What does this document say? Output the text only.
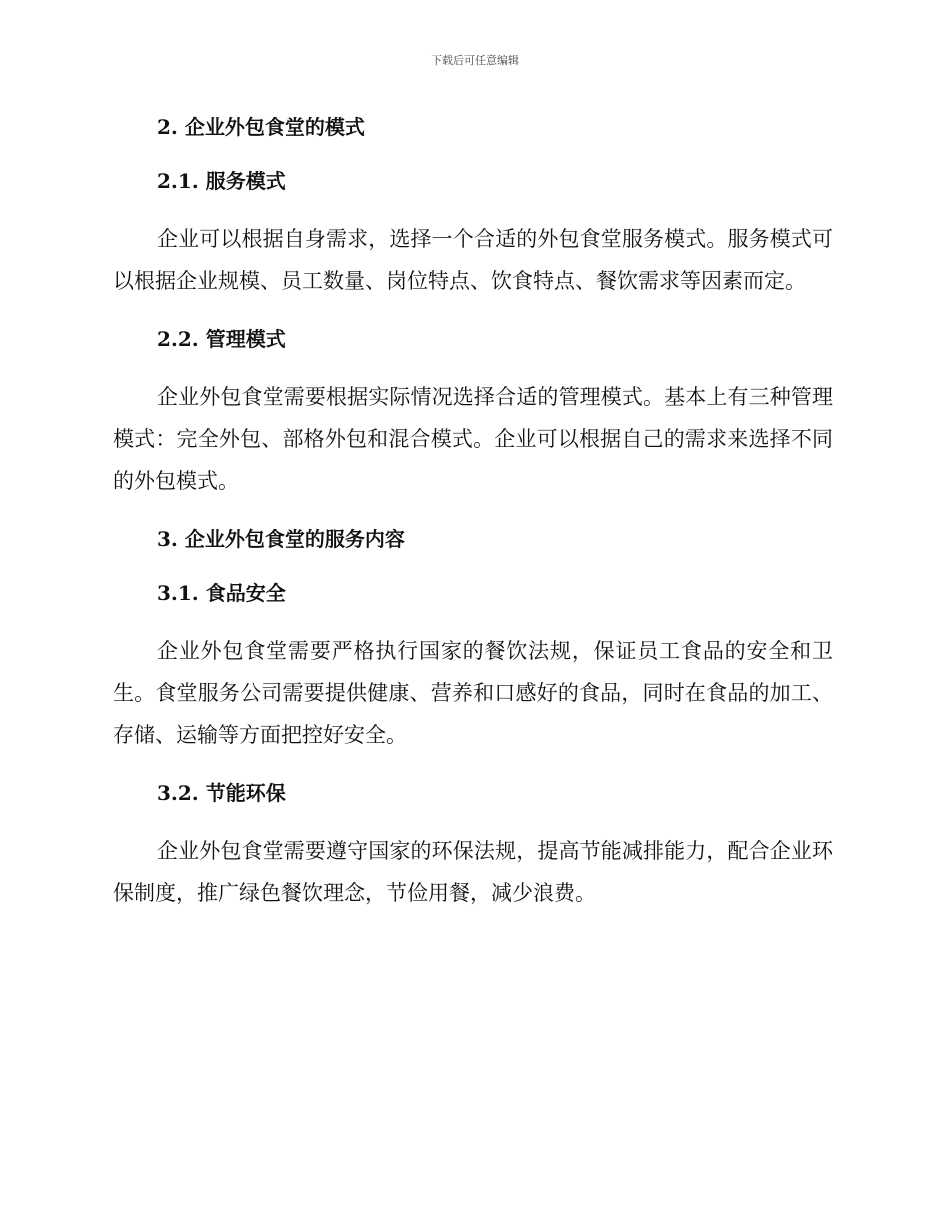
下载后可任意编辑
2. 企业外包食堂的模式
2.1. 服务模式

企业可以根据自身需求，选择一个合适的外包食堂服务模式。服务模式可以根据企业规模、员工数量、岗位特点、饮食特点、餐饮需求等因素而定。

2.2. 管理模式

企业外包食堂需要根据实际情况选择合适的管理模式。基本上有三种管理模式：完全外包、部格外包和混合模式。企业可以根据自己的需求来选择不同的外包模式。

3. 企业外包食堂的服务内容
3.1. 食品安全

企业外包食堂需要严格执行国家的餐饮法规，保证员工食品的安全和卫生。食堂服务公司需要提供健康、营养和口感好的食品，同时在食品的加工、存储、运输等方面把控好安全。

3.2. 节能环保

企业外包食堂需要遵守国家的环保法规，提高节能减排能力，配合企业环保制度，推广绿色餐饮理念，节俭用餐，减少浪费。
